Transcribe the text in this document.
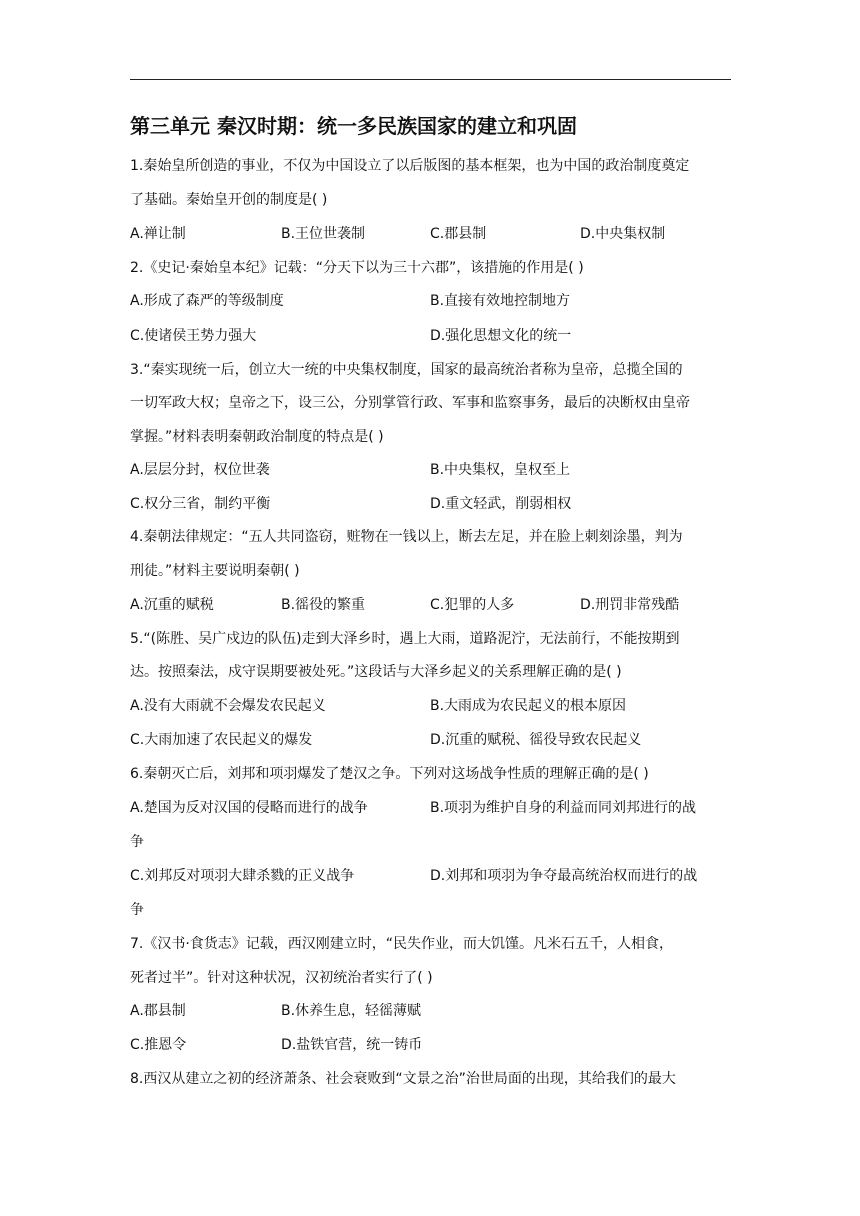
第三单元 秦汉时期：统一多民族国家的建立和巩固
1.秦始皇所创造的事业，不仅为中国设立了以后版图的基本框架，也为中国的政治制度奠定
了基础。秦始皇开创的制度是( )
A.禅让制	B.王位世袭制	C.郡县制	D.中央集权制
2.《史记·秦始皇本纪》记载：“分天下以为三十六郡”，该措施的作用是( )
A.形成了森严的等级制度	B.直接有效地控制地方
C.使诸侯王势力强大	D.强化思想文化的统一
3.“秦实现统一后，创立大一统的中央集权制度，国家的最高统治者称为皇帝，总揽全国的
一切军政大权；皇帝之下，设三公，分别掌管行政、军事和监察事务，最后的决断权由皇帝
掌握。”材料表明秦朝政治制度的特点是( )
A.层层分封，权位世袭	B.中央集权，皇权至上
C.权分三省，制约平衡	D.重文轻武，削弱相权
4.秦朝法律规定：“五人共同盗窃，赃物在一钱以上，断去左足，并在脸上刺刻涂墨，判为
刑徒。”材料主要说明秦朝( )
A.沉重的赋税	B.徭役的繁重	C.犯罪的人多	D.刑罚非常残酷
5.“(陈胜、吴广戍边的队伍)走到大泽乡时，遇上大雨，道路泥泞，无法前行，不能按期到
达。按照秦法，戍守误期要被处死。”这段话与大泽乡起义的关系理解正确的是( )
A.没有大雨就不会爆发农民起义	B.大雨成为农民起义的根本原因
C.大雨加速了农民起义的爆发	D.沉重的赋税、徭役导致农民起义
6.秦朝灭亡后，刘邦和项羽爆发了楚汉之争。下列对这场战争性质的理解正确的是( )
A.楚国为反对汉国的侵略而进行的战争	B.项羽为维护自身的利益而同刘邦进行的战
争
C.刘邦反对项羽大肆杀戮的正义战争	D.刘邦和项羽为争夺最高统治权而进行的战
争
7.《汉书·食货志》记载，西汉刚建立时，“民失作业，而大饥馑。凡米石五千，人相食，
死者过半”。针对这种状况，汉初统治者实行了( )
A.郡县制	B.休养生息，轻徭薄赋
C.推恩令	D.盐铁官营，统一铸币
8.西汉从建立之初的经济萧条、社会衰败到“文景之治”治世局面的出现，其给我们的最大
